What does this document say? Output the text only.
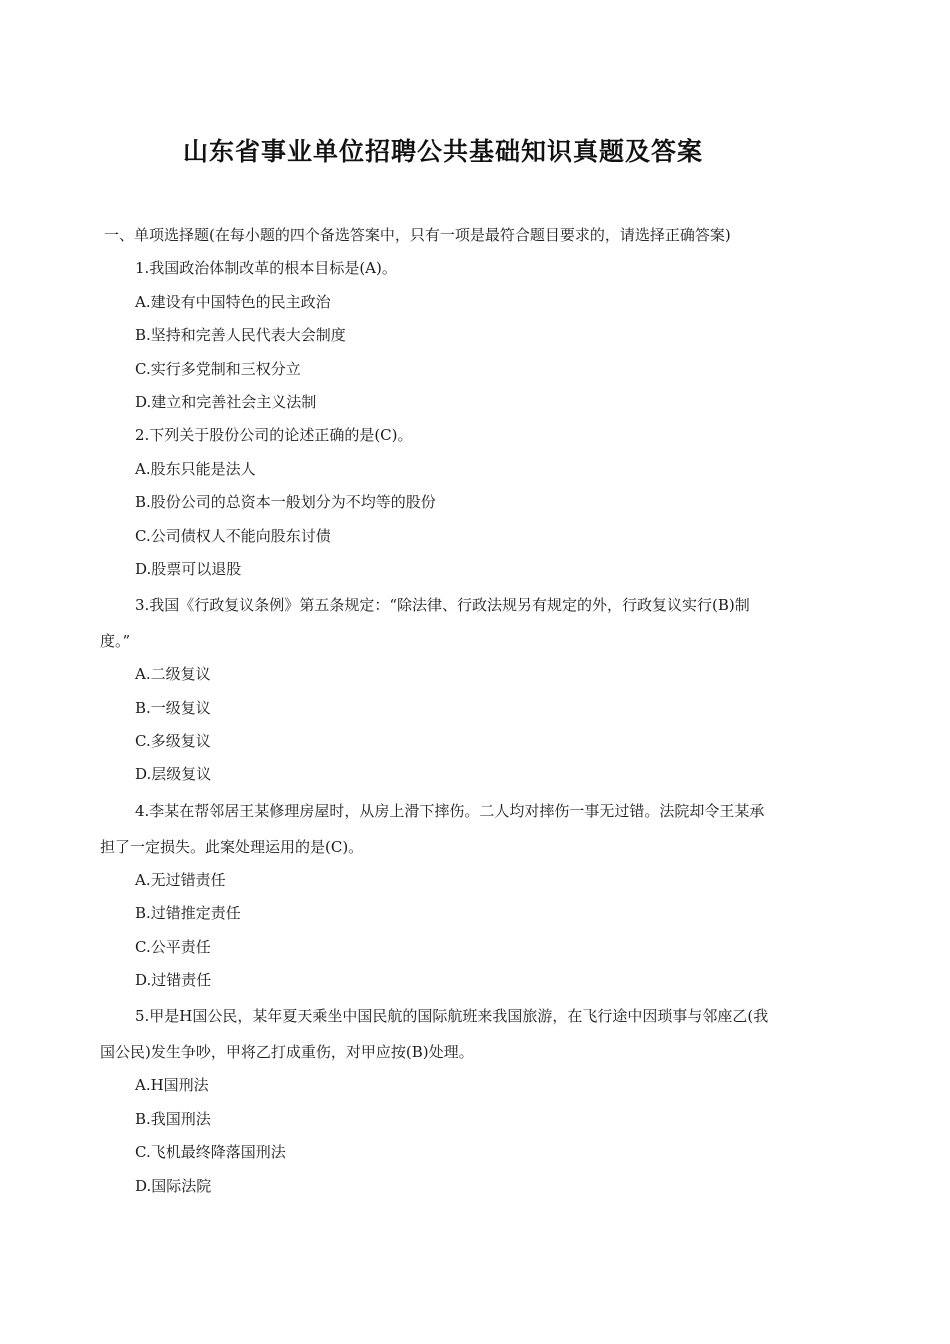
山东省事业单位招聘公共基础知识真题及答案
一、单项选择题(在每小题的四个备选答案中，只有一项是最符合题目要求的，请选择正确答案)
1.我国政治体制改革的根本目标是(A)。
A.建设有中国特色的民主政治
B.坚持和完善人民代表大会制度
C.实行多党制和三权分立
D.建立和完善社会主义法制
2.下列关于股份公司的论述正确的是(C)。
A.股东只能是法人
B.股份公司的总资本一般划分为不均等的股份
C.公司债权人不能向股东讨债
D.股票可以退股
3.我国《行政复议条例》第五条规定：“除法律、行政法规另有规定的外，行政复议实行(B)制
度。”
A.二级复议
B.一级复议
C.多级复议
D.层级复议
4.李某在帮邻居王某修理房屋时，从房上滑下摔伤。二人均对摔伤一事无过错。法院却令王某承
担了一定损失。此案处理运用的是(C)。
A.无过错责任
B.过错推定责任
C.公平责任
D.过错责任
5.甲是H国公民，某年夏天乘坐中国民航的国际航班来我国旅游，在飞行途中因琐事与邻座乙(我
国公民)发生争吵，甲将乙打成重伤，对甲应按(B)处理。
A.H国刑法
B.我国刑法
C.飞机最终降落国刑法
D.国际法院
